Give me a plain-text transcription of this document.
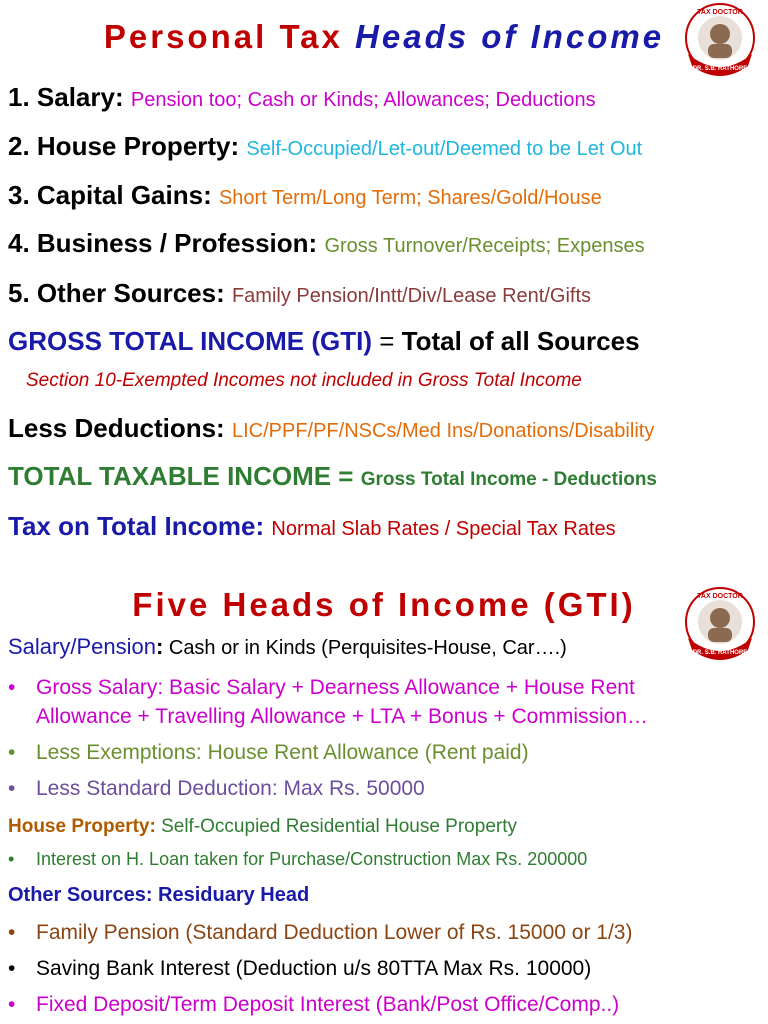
Personal Tax Heads of Income
TAX DOCTOR
DR. S.B. RATHORE
1. Salary: Pension too; Cash or Kinds; Allowances; Deductions
2. House Property: Self-Occupied/Let-out/Deemed to be Let Out
3. Capital Gains: Short Term/Long Term; Shares/Gold/House
4. Business / Profession: Gross Turnover/Receipts; Expenses
5. Other Sources: Family Pension/Intt/Div/Lease Rent/Gifts
GROSS TOTAL INCOME (GTI) = Total of all Sources
Section 10-Exempted Incomes not included in Gross Total Income
Less Deductions: LIC/PPF/PF/NSCs/Med Ins/Donations/Disability
TOTAL TAXABLE INCOME = Gross Total Income - Deductions
Tax on Total Income: Normal Slab Rates / Special Tax Rates
Five Heads of Income (GTI)	TAX DOCTOR
DR. S.B. RATHORE
Salary/Pension: Cash or in Kinds (Perquisites-House, Car….)
• Gross Salary: Basic Salary + Dearness Allowance + House Rent
Allowance + Travelling Allowance + LTA + Bonus + Commission…
• Less Exemptions: House Rent Allowance (Rent paid)
• Less Standard Deduction: Max Rs. 50000
House Property: Self-Occupied Residential House Property
• Interest on H. Loan taken for Purchase/Construction Max Rs. 200000
Other Sources: Residuary Head
• Family Pension (Standard Deduction Lower of Rs. 15000 or 1/3)
• Saving Bank Interest (Deduction u/s 80TTA Max Rs. 10000)
• Fixed Deposit/Term Deposit Interest (Bank/Post Office/Comp..)
